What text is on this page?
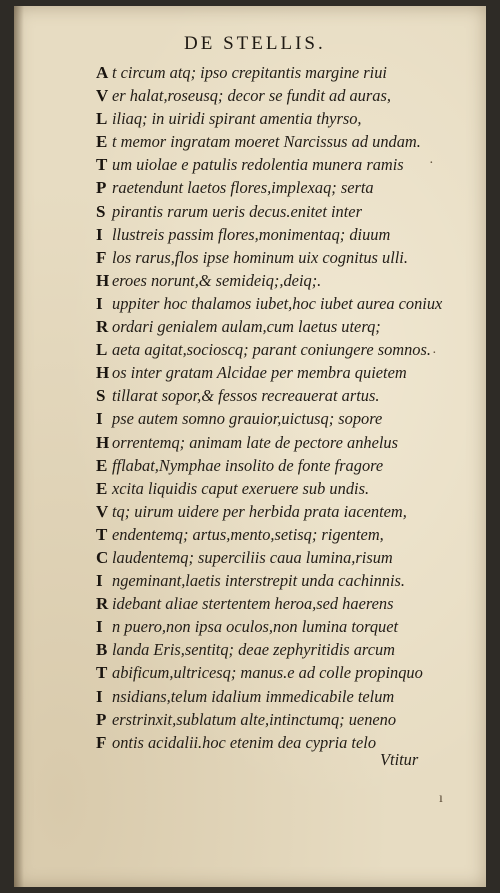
DE STELLIS.
A t circum atq; ipso crepitantis margine riui
V er halat,roseusq; decor se fundit ad auras,
L iliaq; in uiridi spirant amentia thyrso,
E t memor ingratam moeret Narcissus ad undam.
T um uiolae e patulis redolentia munera ramis
P raetendunt laetos flores,implexaq; serta
S pirantis rarum ueris decus.enitet inter
I llustreis passim flores,monimentaq; diuum
F los rarus,flos ipse hominum uix cognitus ulli.
H eroes norunt,& semideiq;,deiq;.
I uppiter hoc thalamos iubet,hoc iubet aurea coniux
R ordari genialem aulam,cum laetus uterq;
L aeta agitat,socioscq; parant coniungere somnos.
H os inter gratam Alcidae per membra quietem
S tillarat sopor,& fessos recreauerat artus.
I pse autem somno grauior,uictusq; sopore
H orrentemq; animam late de pectore anhelus
E fflabat,Nymphae insolito de fonte fragore
E xcita liquidis caput exeruere sub undis.
V tq; uirum uidere per herbida prata iacentem,
T endentemq; artus,mento,setisq; rigentem,
C laudentemq; superciliis caua lumina,risum
I ngeminant,laetis interstrepit unda cachinnis.
R idebant aliae stertentem heroa,sed haerens
I n puero,non ipsa oculos,non lumina torquet
B landa Eris,sentitq; deae zephyritidis arcum
T abificum,ultricesq; manus.e ad colle propinquo
I nsidians,telum idalium immedicabile telum
P erstrinxit,sublatum alte,intinctumq; ueneno
F ontis acidalii.hoc etenim dea cypria telo
Vtitur
·
·
ı
